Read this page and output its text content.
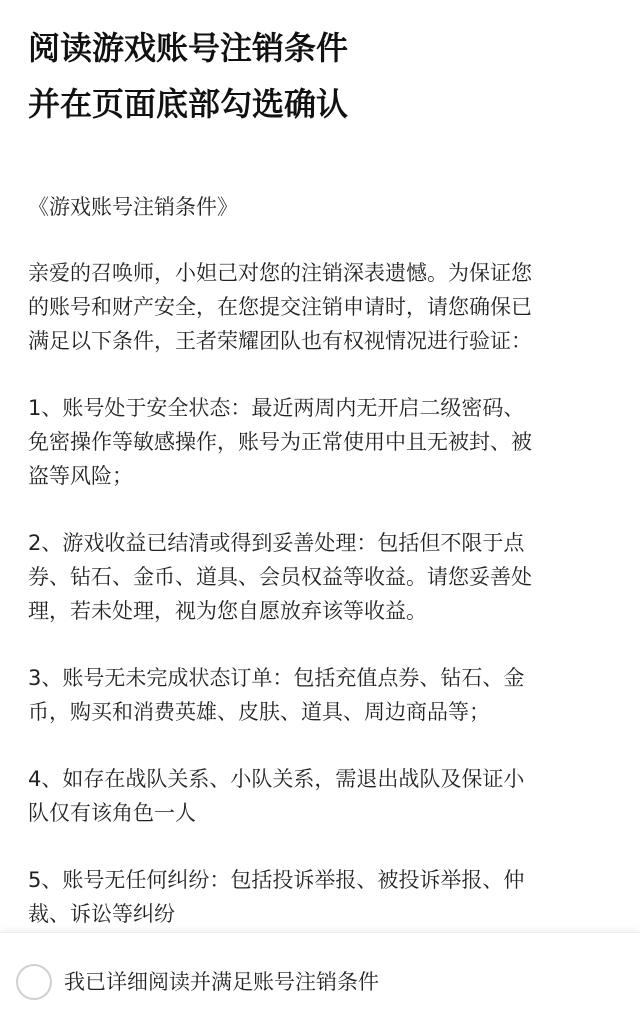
阅读游戏账号注销条件
并在页面底部勾选确认
《游戏账号注销条件》
亲爱的召唤师，小妲己对您的注销深表遗憾。为保证您
的账号和财产安全，在您提交注销申请时，请您确保已
满足以下条件，王者荣耀团队也有权视情况进行验证：
1、账号处于安全状态：最近两周内无开启二级密码、
免密操作等敏感操作，账号为正常使用中且无被封、被
盗等风险；
2、游戏收益已结清或得到妥善处理：包括但不限于点
券、钻石、金币、道具、会员权益等收益。请您妥善处
理，若未处理，视为您自愿放弃该等收益。
3、账号无未完成状态订单：包括充值点券、钻石、金
币，购买和消费英雄、皮肤、道具、周边商品等；
4、如存在战队关系、小队关系，需退出战队及保证小
队仅有该角色一人
5、账号无任何纠纷：包括投诉举报、被投诉举报、仲
裁、诉讼等纠纷
我已详细阅读并满足账号注销条件
